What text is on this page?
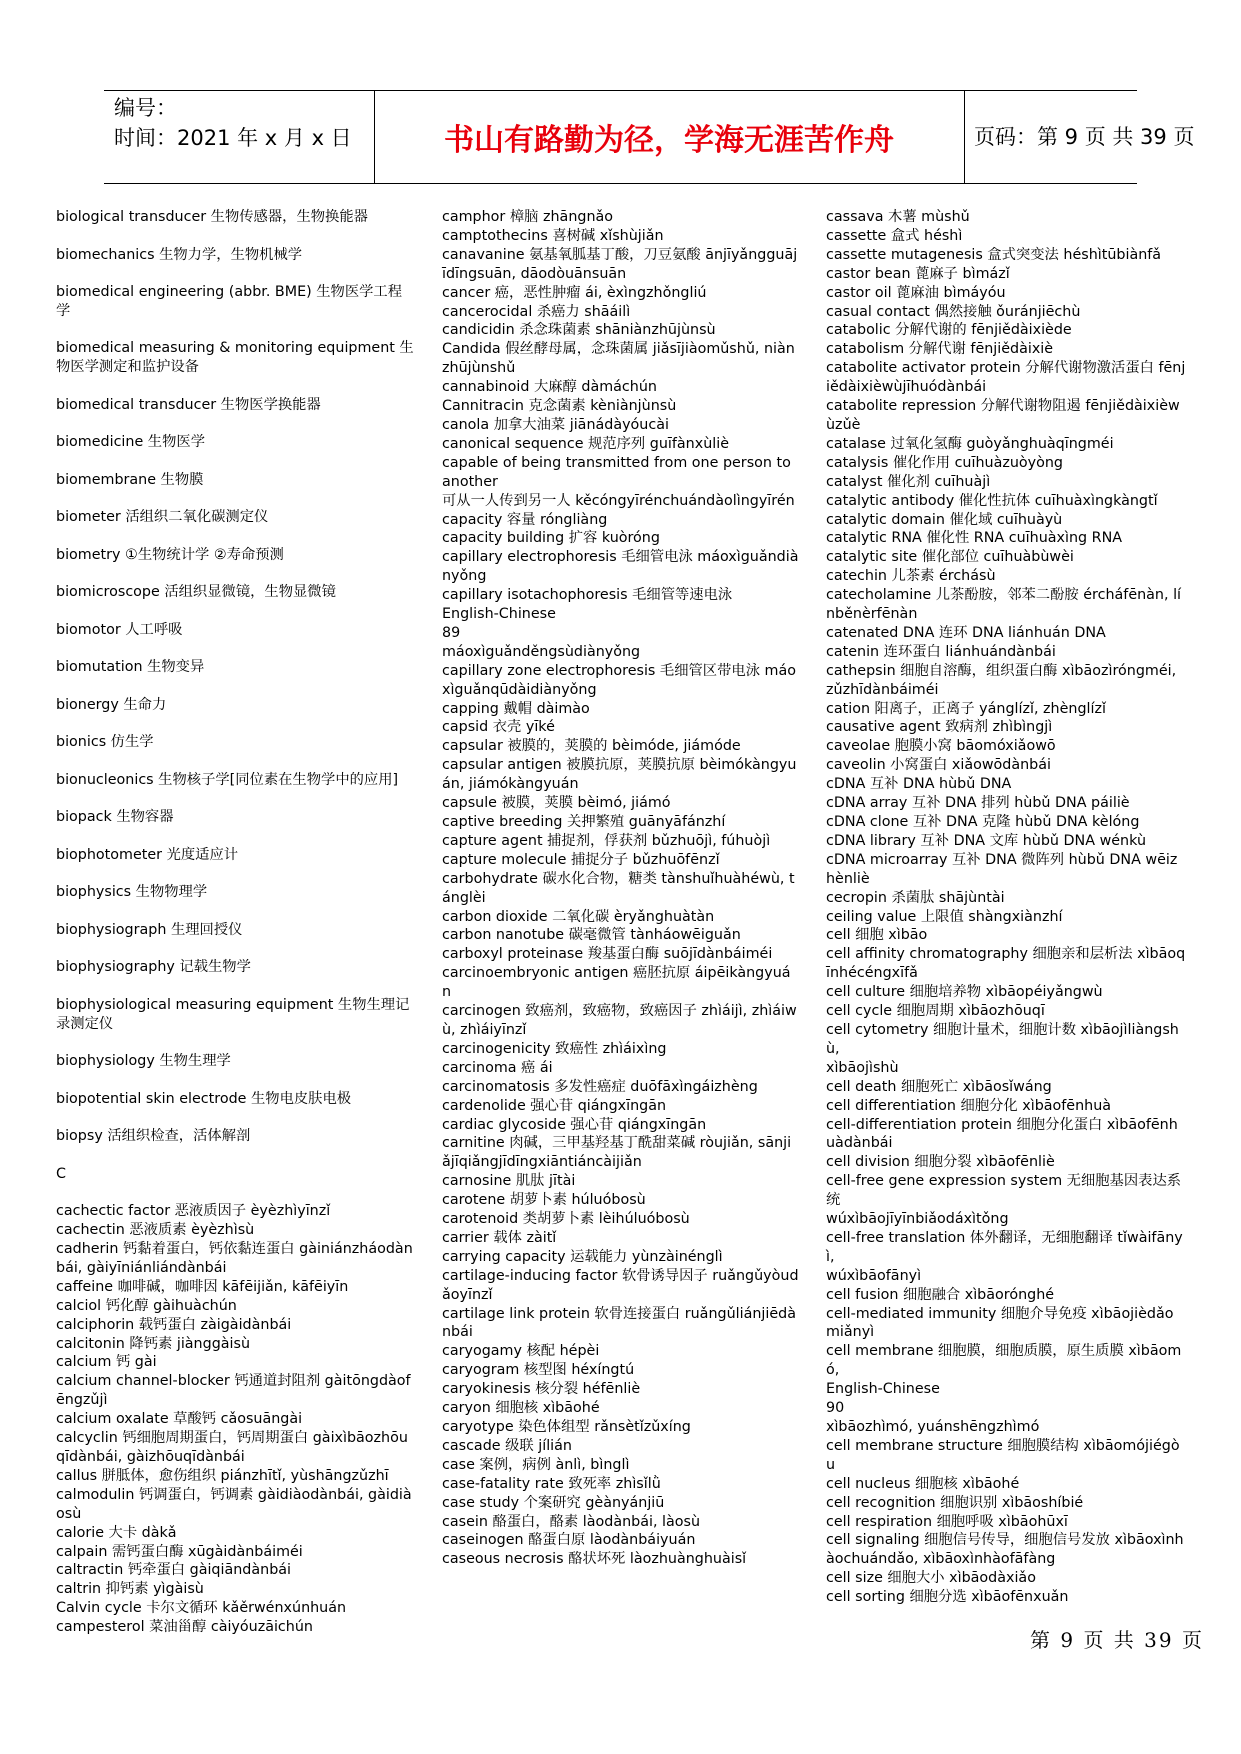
编号：
时间：2021 年 x 月 x 日	书山有路勤为径，学海无涯苦作舟	页码：第 9 页 共 39 页

biological transducer 生物传感器，生物换能器

biomechanics 生物力学，生物机械学

biomedical engineering (abbr. BME) 生物医学工程学

biomedical measuring & monitoring equipment 生物医学测定和监护设备

biomedical transducer 生物医学换能器

biomedicine 生物医学

biomembrane 生物膜

biometer 活组织二氧化碳测定仪

biometry ①生物统计学 ②寿命预测

biomicroscope 活组织显微镜，生物显微镜

biomotor 人工呼吸

biomutation 生物变异

bionergy 生命力

bionics 仿生学

bionucleonics 生物核子学[同位素在生物学中的应用]

biopack 生物容器

biophotometer 光度适应计

biophysics 生物物理学

biophysiograph 生理回授仪

biophysiography 记载生物学

biophysiological measuring equipment 生物生理记录测定仪

biophysiology 生物生理学

biopotential skin electrode 生物电皮肤电极

biopsy 活组织检查，活体解剖

C

cachectic factor 恶液质因子 èyèzhìyīnzǐ

cachectin 恶液质素 èyèzhìsù

cadherin 钙黏着蛋白，钙依黏连蛋白 gàiniánzháodànbái, gàiyīniánliándànbái

caffeine 咖啡碱，咖啡因 kāfēijiǎn, kāfēiyīn

calciol 钙化醇 gàihuàchún

calciphorin 载钙蛋白 zàigàidànbái

calcitonin 降钙素 jiànggàisù

calcium 钙 gài

calcium channel-blocker 钙通道封阻剂 gàitōngdàofēngzǔjì

calcium oxalate 草酸钙 cǎosuāngài

calcyclin 钙细胞周期蛋白，钙周期蛋白 gàixìbāozhōuqīdànbái, gàizhōuqīdànbái

callus 胼胝体，愈伤组织 piánzhītǐ, yùshāngzǔzhī

calmodulin 钙调蛋白，钙调素 gàidiàodànbái, gàidiàosù

calorie 大卡 dàkǎ

calpain 需钙蛋白酶 xūgàidànbáiméi

caltractin 钙牵蛋白 gàiqiāndànbái

caltrin 抑钙素 yìgàisù

Calvin cycle 卡尔文循环 kǎěrwénxúnhuán

campesterol 菜油甾醇 càiyóuzāichún

camphor 樟脑 zhāngnǎo

camptothecins 喜树碱 xǐshùjiǎn

canavanine 氨基氧胍基丁酸，刀豆氨酸 ānjīyǎngguājīdīngsuān, dāodòuānsuān

cancer 癌，恶性肿瘤 ái, èxìngzhǒngliú

cancerocidal 杀癌力 shāáilì

candicidin 杀念珠菌素 shāniànzhūjùnsù

Candida 假丝酵母属，念珠菌属 jiǎsījiàomǔshǔ, niànzhūjùnshǔ

cannabinoid 大麻醇 dàmáchún

Cannitracin 克念菌素 kèniànjùnsù

canola 加拿大油菜 jiānádàyóucài

canonical sequence 规范序列 guīfànxùliè

capable of being transmitted from one person to another

可从一人传到另一人 kěcóngyīrénchuándàolìngyīrén

capacity 容量 róngliàng

capacity building 扩容 kuòróng

capillary electrophoresis 毛细管电泳 máoxìguǎndiànyǒng

capillary isotachophoresis 毛细管等速电泳

English-Chinese

89

máoxìguǎnděngsùdiànyǒng

capillary zone electrophoresis 毛细管区带电泳 máoxìguǎnqūdàidiànyǒng

capping 戴帽 dàimào

capsid 衣壳 yīké

capsular 被膜的，荚膜的 bèimóde, jiámóde

capsular antigen 被膜抗原，荚膜抗原 bèimókàngyuán, jiámókàngyuán

capsule 被膜，荚膜 bèimó, jiámó

captive breeding 关押繁殖 guānyāfánzhí

capture agent 捕捉剂，俘获剂 bǔzhuōjì, fúhuòjì

capture molecule 捕捉分子 bǔzhuōfēnzǐ

carbohydrate 碳水化合物，糖类 tànshuǐhuàhéwù, tánglèi

carbon dioxide 二氧化碳 èryǎnghuàtàn

carbon nanotube 碳毫微管 tànháowēiguǎn

carboxyl proteinase 羧基蛋白酶 suōjīdànbáiméi

carcinoembryonic antigen 癌胚抗原 áipēikàngyuán

carcinogen 致癌剂，致癌物，致癌因子 zhìáijì, zhìáiwù, zhìáiyīnzǐ

carcinogenicity 致癌性 zhìáixìng

carcinoma 癌 ái

carcinomatosis 多发性癌症 duōfāxìngáizhèng

cardenolide 强心苷 qiángxīngān

cardiac glycoside 强心苷 qiángxīngān

carnitine 肉碱，三甲基羟基丁酰甜菜碱 ròujiǎn, sānjiǎjīqiǎngjīdīngxiāntiáncàijiǎn

carnosine 肌肽 jītài

carotene 胡萝卜素 húluóbosù

carotenoid 类胡萝卜素 lèihúluóbosù

carrier 载体 zàitǐ

carrying capacity 运载能力 yùnzàinénglì

cartilage-inducing factor 软骨诱导因子 ruǎngǔyòudǎoyīnzǐ

cartilage link protein 软骨连接蛋白 ruǎngǔliánjiēdànbái

caryogamy 核配 hépèi

caryogram 核型图 héxíngtú

caryokinesis 核分裂 héfēnliè

caryon 细胞核 xìbāohé

caryotype 染色体组型 rǎnsètǐzǔxíng

cascade 级联 jílián

case 案例，病例 ànlì, bìnglì

case-fatality rate 致死率 zhìsǐlǜ

case study 个案研究 gèànyánjiū

casein 酪蛋白，酪素 làodànbái, làosù

caseinogen 酪蛋白原 làodànbáiyuán

caseous necrosis 酪状坏死 làozhuànghuàisǐ

cassava 木薯 mùshǔ

cassette 盒式 héshì

cassette mutagenesis 盒式突变法 héshìtūbiànfǎ

castor bean 蓖麻子 bìmázǐ

castor oil 蓖麻油 bìmáyóu

casual contact 偶然接触 ǒuránjiēchù

catabolic 分解代谢的 fēnjiědàixiède

catabolism 分解代谢 fēnjiědàixiè

catabolite activator protein 分解代谢物激活蛋白 fēnjiědàixièwùjīhuódànbái

catabolite repression 分解代谢物阻遏 fēnjiědàixièwùzǔè

catalase 过氧化氢酶 guòyǎnghuàqīngméi

catalysis 催化作用 cuīhuàzuòyòng

catalyst 催化剂 cuīhuàjì

catalytic antibody 催化性抗体 cuīhuàxìngkàngtǐ

catalytic domain 催化域 cuīhuàyù

catalytic RNA 催化性 RNA cuīhuàxìng RNA

catalytic site 催化部位 cuīhuàbùwèi

catechin 儿茶素 érchásù

catecholamine 儿茶酚胺，邻苯二酚胺 ércháfēnàn, línběnèrfēnàn

catenated DNA 连环 DNA liánhuán DNA

catenin 连环蛋白 liánhuándànbái

cathepsin 细胞自溶酶，组织蛋白酶 xìbāozìróngméi,

zǔzhīdànbáiméi

cation 阳离子，正离子 yánglízǐ, zhènglízǐ

causative agent 致病剂 zhìbìngjì

caveolae 胞膜小窝 bāomóxiǎowō

caveolin 小窝蛋白 xiǎowōdànbái

cDNA 互补 DNA hùbǔ DNA

cDNA array 互补 DNA 排列 hùbǔ DNA páiliè

cDNA clone 互补 DNA 克隆 hùbǔ DNA kèlóng

cDNA library 互补 DNA 文库 hùbǔ DNA wénkù

cDNA microarray 互补 DNA 微阵列 hùbǔ DNA wēizhènliè

cecropin 杀菌肽 shājùntài

ceiling value 上限值 shàngxiànzhí

cell 细胞 xìbāo

cell affinity chromatography 细胞亲和层析法 xìbāoqīnhécéngxīfǎ

cell culture 细胞培养物 xìbāopéiyǎngwù

cell cycle 细胞周期 xìbāozhōuqī

cell cytometry 细胞计量术，细胞计数 xìbāojìliàngshù,

xìbāojìshù

cell death 细胞死亡 xìbāosǐwáng

cell differentiation 细胞分化 xìbāofēnhuà

cell-differentiation protein 细胞分化蛋白 xìbāofēnhuàdànbái

cell division 细胞分裂 xìbāofēnliè

cell-free gene expression system 无细胞基因表达系统

wúxìbāojīyīnbiǎodáxìtǒng

cell-free translation 体外翻译，无细胞翻译 tǐwàifānyì,

wúxìbāofānyì

cell fusion 细胞融合 xìbāorónghé

cell-mediated immunity 细胞介导免疫 xìbāojièdǎomiǎnyì

cell membrane 细胞膜，细胞质膜，原生质膜 xìbāomó,

English-Chinese

90

xìbāozhìmó, yuánshēngzhìmó

cell membrane structure 细胞膜结构 xìbāomójiégòu

cell nucleus 细胞核 xìbāohé

cell recognition 细胞识别 xìbāoshíbié

cell respiration 细胞呼吸 xìbāohūxī

cell signaling 细胞信号传导，细胞信号发放 xìbāoxìnhàochuándǎo, xìbāoxìnhàofāfàng

cell size 细胞大小 xìbāodàxiǎo

cell sorting 细胞分选 xìbāofēnxuǎn

第 9 页 共 39 页
